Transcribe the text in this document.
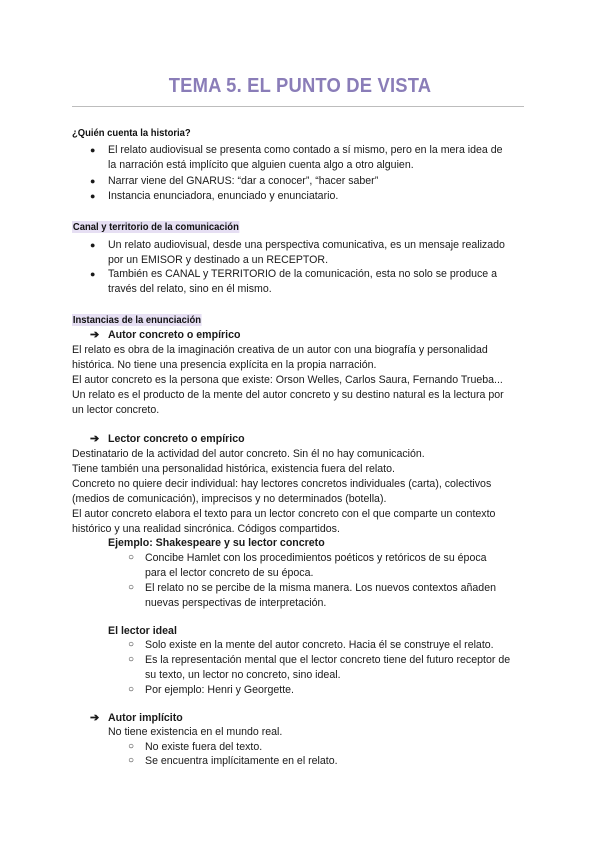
TEMA 5. EL PUNTO DE VISTA
¿Quién cuenta la historia?
● El relato audiovisual se presenta como contado a sí mismo, pero en la mera idea de
la narración está implícito que alguien cuenta algo a otro alguien.
● Narrar viene del GNARUS: “dar a conocer”, “hacer saber”
● Instancia enunciadora, enunciado y enunciatario.
Canal y territorio de la comunicación
● Un relato audiovisual, desde una perspectiva comunicativa, es un mensaje realizado
por un EMISOR y destinado a un RECEPTOR.
● También es CANAL y TERRITORIO de la comunicación, esta no solo se produce a
través del relato, sino en él mismo.
Instancias de la enunciación
➔ Autor concreto o empírico
El relato es obra de la imaginación creativa de un autor con una biografía y personalidad
histórica. No tiene una presencia explícita en la propia narración.
El autor concreto es la persona que existe: Orson Welles, Carlos Saura, Fernando Trueba...
Un relato es el producto de la mente del autor concreto y su destino natural es la lectura por
un lector concreto.
➔ Lector concreto o empírico
Destinatario de la actividad del autor concreto. Sin él no hay comunicación.
Tiene también una personalidad histórica, existencia fuera del relato.
Concreto no quiere decir individual: hay lectores concretos individuales (carta), colectivos
(medios de comunicación), imprecisos y no determinados (botella).
El autor concreto elabora el texto para un lector concreto con el que comparte un contexto
histórico y una realidad sincrónica. Códigos compartidos.
Ejemplo: Shakespeare y su lector concreto
○ Concibe Hamlet con los procedimientos poéticos y retóricos de su época
para el lector concreto de su época.
○ El relato no se percibe de la misma manera. Los nuevos contextos añaden
nuevas perspectivas de interpretación.
El lector ideal
○ Solo existe en la mente del autor concreto. Hacia él se construye el relato.
○ Es la representación mental que el lector concreto tiene del futuro receptor de
su texto, un lector no concreto, sino ideal.
○ Por ejemplo: Henri y Georgette.
➔ Autor implícito
No tiene existencia en el mundo real.
○ No existe fuera del texto.
○ Se encuentra implícitamente en el relato.
